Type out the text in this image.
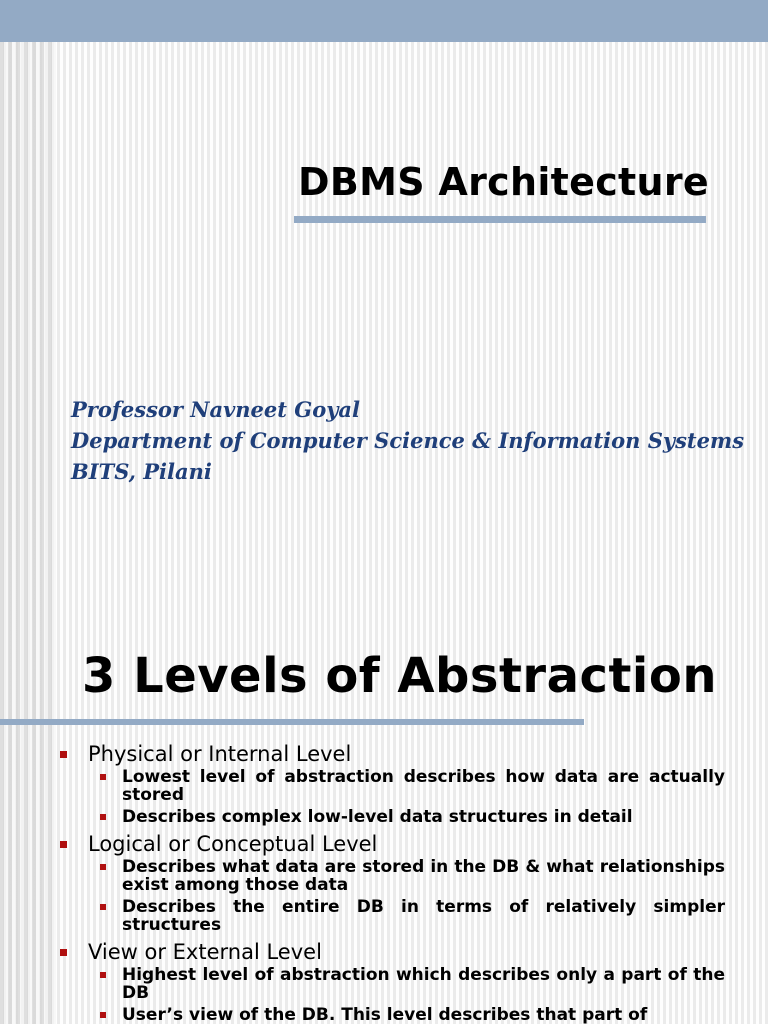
DBMS Architecture
Professor Navneet Goyal
Department of Computer Science & Information Systems
BITS, Pilani
3 Levels of Abstraction
Physical or Internal Level
Lowest level of abstraction describes how data are actually stored
Describes complex low-level data structures in detail
Logical or Conceptual Level
Describes what data are stored in the DB & what relationships exist among those data
Describes the entire DB in terms of relatively simpler structures
View or External Level
Highest level of abstraction which describes only a part of the DB
User’s view of the DB. This level describes that part of
